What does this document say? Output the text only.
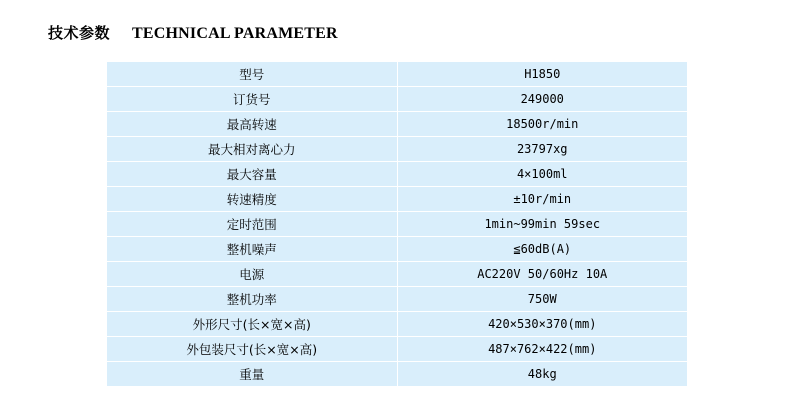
技术参数 TECHNICAL PARAMETER
型号	H1850
订货号	249000
最高转速	18500r/min
最大相对离心力	23797xg
最大容量	4×100ml
转速精度	±10r/min
定时范围	1min~99min 59sec
整机噪声	≦60dB(A)
电源	AC220V 50/60Hz 10A
整机功率	750W
外形尺寸(长×宽×高)	420×530×370(mm)
外包装尺寸(长×宽×高)	487×762×422(mm)
重量	48kg
